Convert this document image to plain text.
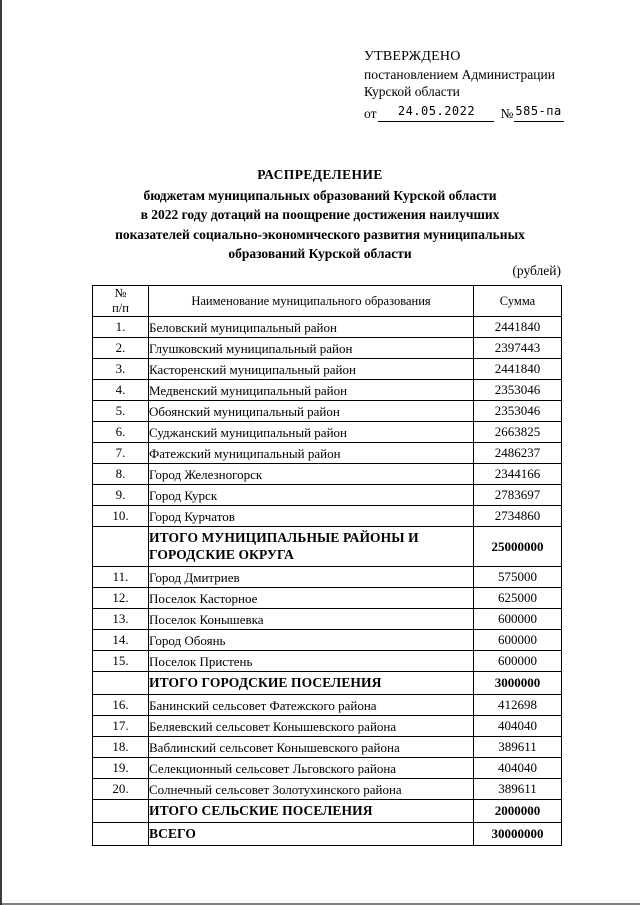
УТВЕРЖДЕНО
постановлением Администрации
Курской области
от	24.05.2022	№ 585-па
РАСПРЕДЕЛЕНИЕ
бюджетам муниципальных образований Курской области
в 2022 году дотаций на поощрение достижения наилучших
показателей социально-экономического развития муниципальных
образований Курской области
(рублей)
№
п/п	Наименование муниципального образования	Сумма
1.	Беловский муниципальный район	2441840
2.	Глушковский муниципальный район	2397443
3.	Касторенский муниципальный район	2441840
4.	Медвенский муниципальный район	2353046
5.	Обоянский муниципальный район	2353046
6.	Суджанский муниципальный район	2663825
7.	Фатежский муниципальный район	2486237
8.	Город Железногорск	2344166
9.	Город Курск	2783697
10.	Город Курчатов	2734860
	ИТОГО МУНИЦИПАЛЬНЫЕ РАЙОНЫ И ГОРОДСКИЕ ОКРУГА	25000000
11.	Город Дмитриев	575000
12.	Поселок Касторное	625000
13.	Поселок Конышевка	600000
14.	Город Обоянь	600000
15.	Поселок Пристень	600000
	ИТОГО ГОРОДСКИЕ ПОСЕЛЕНИЯ	3000000
16.	Банинский сельсовет Фатежского района	412698
17.	Беляевский сельсовет Конышевского района	404040
18.	Ваблинский сельсовет Конышевского района	389611
19.	Селекционный сельсовет Льговского района	404040
20.	Солнечный сельсовет Золотухинского района	389611
	ИТОГО СЕЛЬСКИЕ ПОСЕЛЕНИЯ	2000000
	ВСЕГО	30000000
